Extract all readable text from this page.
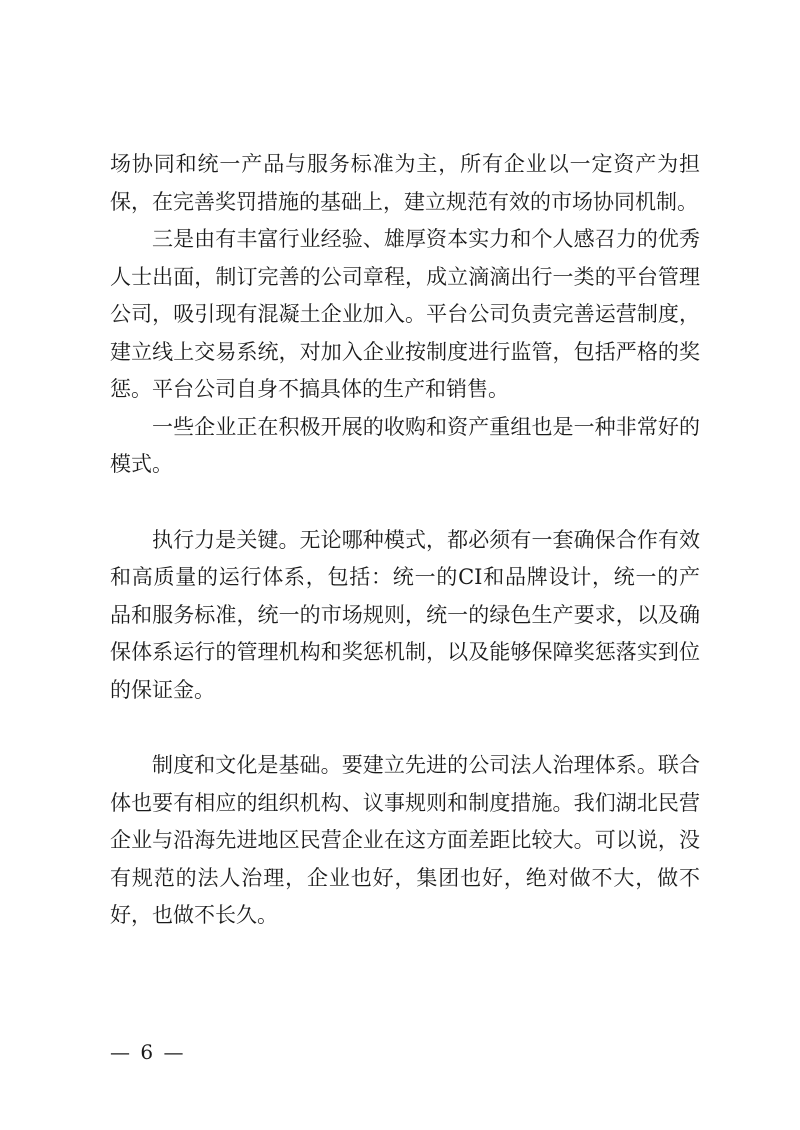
场协同和统一产品与服务标准为主，所有企业以一定资产为担保，在完善奖罚措施的基础上，建立规范有效的市场协同机制。

三是由有丰富行业经验、雄厚资本实力和个人感召力的优秀人士出面，制订完善的公司章程，成立滴滴出行一类的平台管理公司，吸引现有混凝土企业加入。平台公司负责完善运营制度，建立线上交易系统，对加入企业按制度进行监管，包括严格的奖惩。平台公司自身不搞具体的生产和销售。

一些企业正在积极开展的收购和资产重组也是一种非常好的模式。

执行力是关键。无论哪种模式，都必须有一套确保合作有效和高质量的运行体系，包括：统一的CI和品牌设计，统一的产品和服务标准，统一的市场规则，统一的绿色生产要求，以及确保体系运行的管理机构和奖惩机制，以及能够保障奖惩落实到位的保证金。

制度和文化是基础。要建立先进的公司法人治理体系。联合体也要有相应的组织机构、议事规则和制度措施。我们湖北民营企业与沿海先进地区民营企业在这方面差距比较大。可以说，没有规范的法人治理，企业也好，集团也好，绝对做不大，做不好，也做不长久。

— 6 —
